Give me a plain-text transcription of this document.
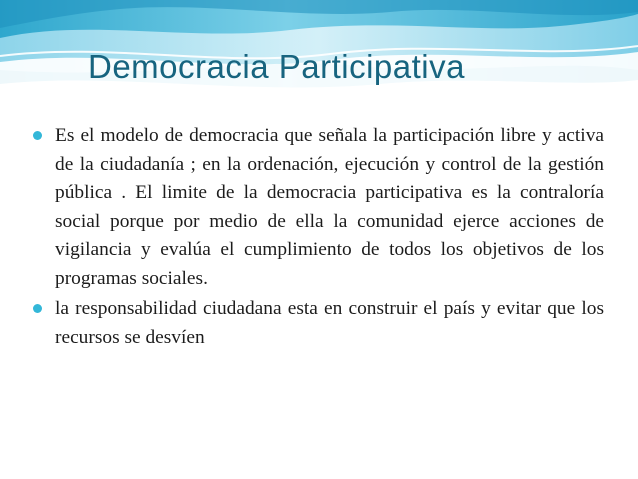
Democracia Participativa
Es el modelo de democracia que señala la participación libre y activa de la ciudadanía ; en la ordenación, ejecución y control de la gestión pública . El limite de la democracia participativa es la contraloría social porque por medio de ella la comunidad ejerce acciones de vigilancia y evalúa el cumplimiento de todos los objetivos de los programas sociales.
la responsabilidad ciudadana esta en construir el país y evitar que los recursos se desvíen
